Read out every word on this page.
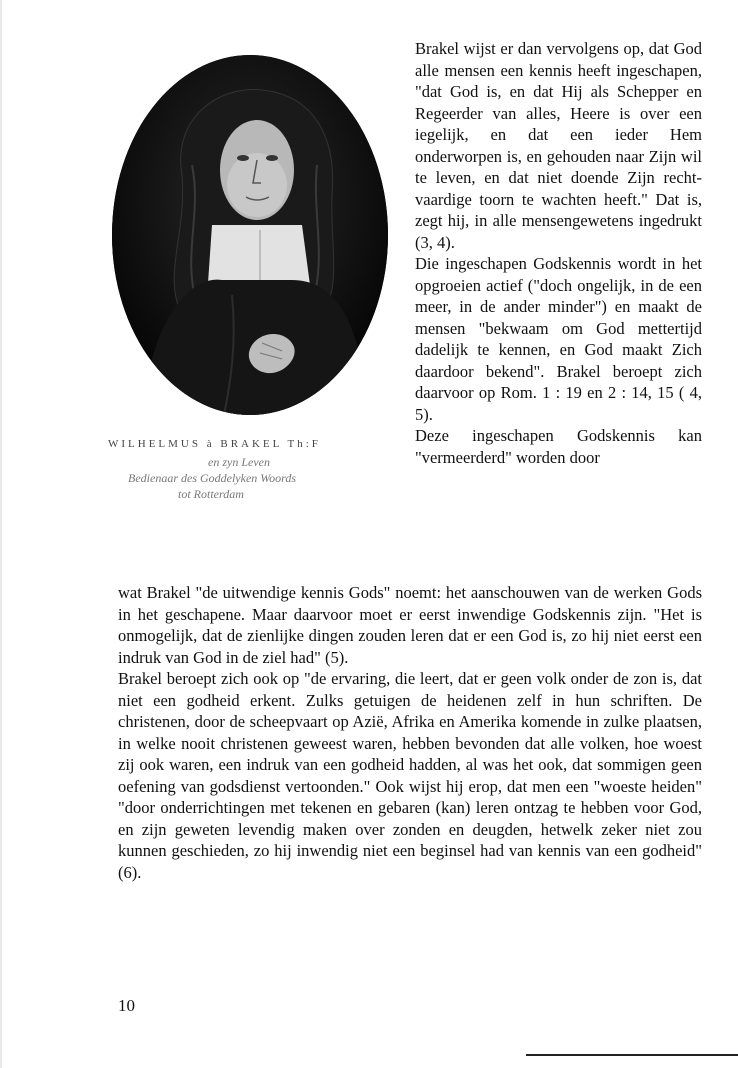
WILHELMUS à BRAKEL Th:F
en zyn Leven
Bedienaar des Goddelyken Woords
tot Rotterdam

Brakel wijst er dan vervolgens op, dat God alle mensen een kennis heeft ingeschapen, "dat God is, en dat Hij als Schepper en Regeerder van alles, Heere is over een iegelijk, en dat een ieder Hem onderworpen is, en gehouden naar Zijn wil te leven, en dat niet doende Zijn rechtvaardige toorn te wachten heeft." Dat is, zegt hij, in alle mensengewetens ingedrukt (3, 4).

Die ingeschapen Godskennis wordt in het opgroeien actief ("doch ongelijk, in de een meer, in de ander minder") en maakt de mensen "bekwaam om God mettertijd dadelijk te kennen, en God maakt Zich daardoor bekend". Brakel beroept zich daarvoor op Rom. 1 : 19 en 2 : 14, 15 ( 4, 5).

Deze ingeschapen Godskennis kan "vermeerderd" worden door

wat Brakel "de uitwendige kennis Gods" noemt: het aanschouwen van de werken Gods in het geschapene. Maar daarvoor moet er eerst inwendige Godskennis zijn. "Het is onmogelijk, dat de zienlijke dingen zouden leren dat er een God is, zo hij niet eerst een indruk van God in de ziel had" (5).

Brakel beroept zich ook op "de ervaring, die leert, dat er geen volk onder de zon is, dat niet een godheid erkent. Zulks getuigen de heidenen zelf in hun schriften. De christenen, door de scheepvaart op Azië, Afrika en Amerika komende in zulke plaatsen, in welke nooit christenen geweest waren, hebben bevonden dat alle volken, hoe woest zij ook waren, een indruk van een godheid hadden, al was het ook, dat sommigen geen oefening van godsdienst vertoonden." Ook wijst hij erop, dat men een "woeste heiden" "door onderrichtingen met tekenen en gebaren (kan) leren ontzag te hebben voor God, en zijn geweten levendig maken over zonden en deugden, hetwelk zeker niet zou kunnen geschieden, zo hij inwendig niet een beginsel had van kennis van een godheid" (6).

10
